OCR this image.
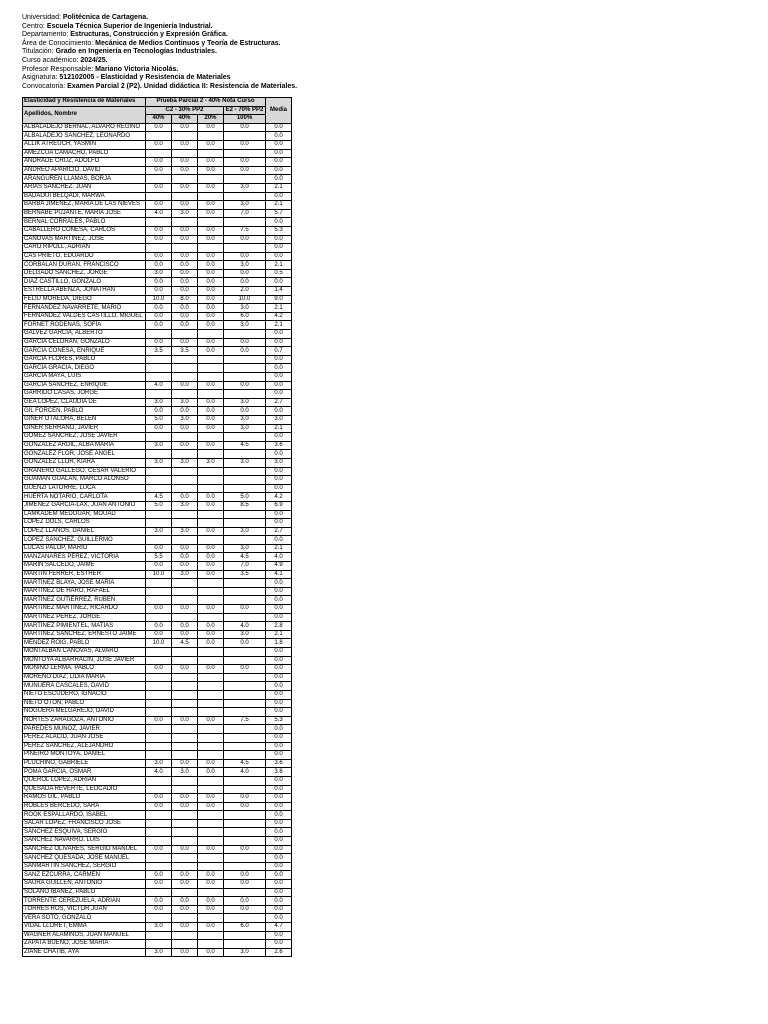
Universidad: Politécnica de Cartagena.
Centro: Escuela Técnica Superior de Ingeniería Industrial.
Departamento: Estructuras, Construcción y Expresión Gráfica.
Área de Conocimiento: Mecánica de Medios Continuos y Teoría de Estructuras.
Titulación: Grado en Ingeniería en Tecnologías Industriales.
Curso académico: 2024/25.
Profesor Responsable: Mariano Victoria Nicolás.
Asignatura: 512102005 - Elasticidad y Resistencia de Materiales
Convocatoria: Examen Parcial 2 (P2). Unidad didáctica II: Resistencia de Materiales.
Elasticidad y Resistencia de Materiales	Prueba Parcial 2 - 40% Nota Curso				Media
Apellidos, Nombre	C2 - 30% PP2			E2 - 70% PP2	
	40%	40%	20%	100%	
ALBALADEJO BERNAL, ALVARO REGINO	0.0	0.0	0.0	0.0	0.0
ALBALADEJO SÁNCHEZ, LEONARDO					0.0
ALLIK ATREUCH, YASMIN	0.0	0.0	0.0	0.0	0.0
AMEZCUA CAMACHO, PABLO					0.0
ANDRADE CRUZ, ADOLFO	0.0	0.0	0.0	0.0	0.0
ANDREO APARICIO, DAVID	0.0	0.0	0.0	0.0	0.0
ARANGUREN LLAMAS, BORJA					0.0
ARIAS SÁNCHEZ, JUAN	0.0	0.0	0.0	3.0	2.1
BADAOUI BELQADI, MARWA					0.0
BARBA JIMÉNEZ, MARÍA DE LAS NIEVES	0.0	0.0	0.0	3.0	2.1
BERNABÉ PUJANTE, MARÍA JOSÉ	4.0	3.0	0.0	7.0	5.7
BERNAL CORRALES, PABLO					0.0
CABALLERO CONESA, CARLOS	0.0	0.0	0.0	7.5	5.3
CÁNOVAS MARTÍNEZ, JOSÉ	0.0	0.0	0.0	0.0	0.0
CARO RIPOLL, ADRIÁN					0.0
CAS PRIETO, EDUARDO	0.0	0.0	0.0	0.0	0.0
CORBALÁN DURÁN, FRANCISCO	0.0	0.0	0.0	3.0	2.1
DELGADO SÁNCHEZ, JORGE	3.0	0.0	0.0	0.0	0.5
DÍAZ CASTILLO, GONZALO	0.0	0.0	0.0	0.0	0.0
ESTRELLA ABENZA, JONATHAN	0.0	0.0	0.0	2.0	1.4
FELIU MOREDA, DIEGO	10.0	8.0	0.0	10.0	9.0
FERNÁNDEZ NAVARRETE, MARIO	0.0	0.0	0.0	3.0	2.1
FERNÁNDEZ VALDÉS CASTILLO, MIGUEL	0.0	0.0	0.0	6.0	4.2
FORNET RÓDENAS, SOFÍA	0.0	0.0	0.0	3.0	2.1
GÁLVEZ GARCÍA, ALBERTO					0.0
GARCÍA CELDRÁN, GONZALO	0.0	0.0	0.0	0.0	0.0
GARCÍA CONESA, ENRIQUE	3.5	3.5	0.0	0.0	0.7
GARCÍA FLORES, PABLO					0.0
GARCÍA GRACIA, DIEGO					0.0
GARCÍA MAYA, LUIS					0.0
GARCÍA SÁNCHEZ, ENRIQUE	4.0	0.0	0.0	0.0	0.0
GARRIDO CASAS, JORGE					0.0
GEA LÓPEZ, CLAUDIA DE	3.0	3.0	0.0	3.0	2.7
GIL FORCEN, PABLO	0.0	0.0	0.0	0.0	0.0
GINER OTÁLORA, BELÉN	5.0	3.0	0.0	3.0	3.0
GINER SERRANO, JAVIER	0.0	0.0	0.0	3.0	2.1
GÓMEZ SÁNCHEZ, JOSÉ JAVIER					0.0
GONZÁLEZ ARDIL, ALBA MARÍA	3.0	0.0	0.0	4.5	3.6
GONZÁLEZ FLOR, JOSÉ ÁNGEL					0.0
GONZÁLEZ LLOR, KIARA	3.0	3.0	3.0	3.0	3.0
GRANERO GALLEGO, CÉSAR VALERIO					0.0
GUAMÁN GUALÁN, MARCO ALONSO					0.0
GUENZI LATORRE, LUCA					0.0
HUERTA NOTARIO, CARLOTA	4.5	0.0	0.0	5.0	4.2
JIMÉNEZ GARCÍA-LAX, JUAN ANTONIO	5.0	3.0	0.0	8.5	6.9
LAMKADEM MEDOUAR, MOUAD					0.0
LÓPEZ DOLS, CARLOS					0.0
LÓPEZ LLANOS, DANIEL	3.0	3.0	0.0	3.0	2.7
LÓPEZ SÁNCHEZ, GUILLERMO					0.0
LUCAS PALOP, MARIO	0.0	0.0	0.0	3.0	2.1
MANZANARES PÉREZ, VICTORIA	5.5	0.0	0.0	4.5	4.0
MARÍN SALCEDO, JAIME	0.0	0.0	0.0	7.0	4.9
MARTÍN FERRER, ESTHER	10.0	3.0	0.0	3.5	4.1
MARTÍNEZ BLAYA, JOSÉ MARÍA					0.0
MARTÍNEZ DE HARO, RAFAEL					0.0
MARTÍNEZ GUTIÉRREZ, RUBÉN					0.0
MARTÍNEZ MARTÍNEZ, RICARDO	0.0	0.0	0.0	0.0	0.0
MARTÍNEZ PÉREZ, JORGE					0.0
MARTÍNEZ PIMIENTEL, MATÍAS	0.0	0.0	0.0	4.0	2.8
MARTÍNEZ SÁNCHEZ, ERNESTO JAIME	0.0	0.0	0.0	3.0	2.1
MÉNDEZ ROIG, PABLO	10.0	4.5	0.0	0.0	1.8
MONTALBÁN CÁNOVAS, ÁLVARO					0.0
MONTOYA ALBARRACÍN, JOSÉ JAVIER					0.0
MOÑINO LERMA, PABLO	0.0	0.0	0.0	0.0	0.0
MORENO DÍAZ, LIDIA MARÍA					0.0
MUÑUERA CASCALES, DAVID					0.0
NIETO ESCUDERO, IGNACIO					0.0
NIETO OTÓN, PABLO					0.0
NOGUERA MELGAREJO, DAVID					0.0
NORTES ZARAGOZA, ANTONIO	0.0	0.0	0.0	7.5	5.3
PAREDES MUÑOZ, JAVIER					0.0
PÉREZ ALACID, JUAN JOSÉ					0.0
PÉREZ SÁNCHEZ, ALEJANDRO					0.0
PIÑEIRO MONTOYA, DANIEL					0.0
PLUCHINO, GABRIELE	3.0	0.0	0.0	4.5	3.6
POMA GARCÍA, OSMAR	4.0	3.0	0.0	4.0	3.6
QUEROL LÓPEZ, ADRIÁN					0.0
QUESADA REVERTE, LEOCADIO					0.0
RAMOS GIL, PABLO	0.0	0.0	0.0	0.0	0.0
ROBLES BERCEDO, SARA	0.0	0.0	0.0	0.0	0.0
ROOK ESPALLARDO, ISABEL					0.0
SALAR LÓPEZ, FRANCISCO JOSÉ					0.0
SÁNCHEZ ESQUIVA, SERGIO					0.0
SÁNCHEZ NAVARRO, LUIS					0.0
SÁNCHEZ OLIVARES, SERGIO MANUEL	0.0	0.0	0.0	0.0	0.0
SÁNCHEZ QUESADA, JOSÉ MANUEL					0.0
SANMARTÍN SÁNCHEZ, SERGIO					0.0
SANZ EZCURRA, CARMEN	0.0	0.0	0.0	0.0	0.0
SAURA GUILLÉN, ANTONIO	0.0	0.0	0.0	0.0	0.0
SOLANO IBÁÑEZ, PABLO					0.0
TORRENTE CEREZUELA, ADRIÁN	0.0	0.0	0.0	0.0	0.0
TORRES ROS, VÍCTOR JUAN	0.0	0.0	0.0	0.0	0.0
VERA SOTO, GONZALO					0.0
VIDAL LLORET, EMMA	3.0	0.0	0.0	6.0	4.7
WAGNER ALAMINOS, JUAN MANUEL					0.0
ZAPATA BUENO, JOSÉ MARÍA					0.0
ZIANE CHATIB, AYA	3.0	0.0	0.0	3.0	2.6
